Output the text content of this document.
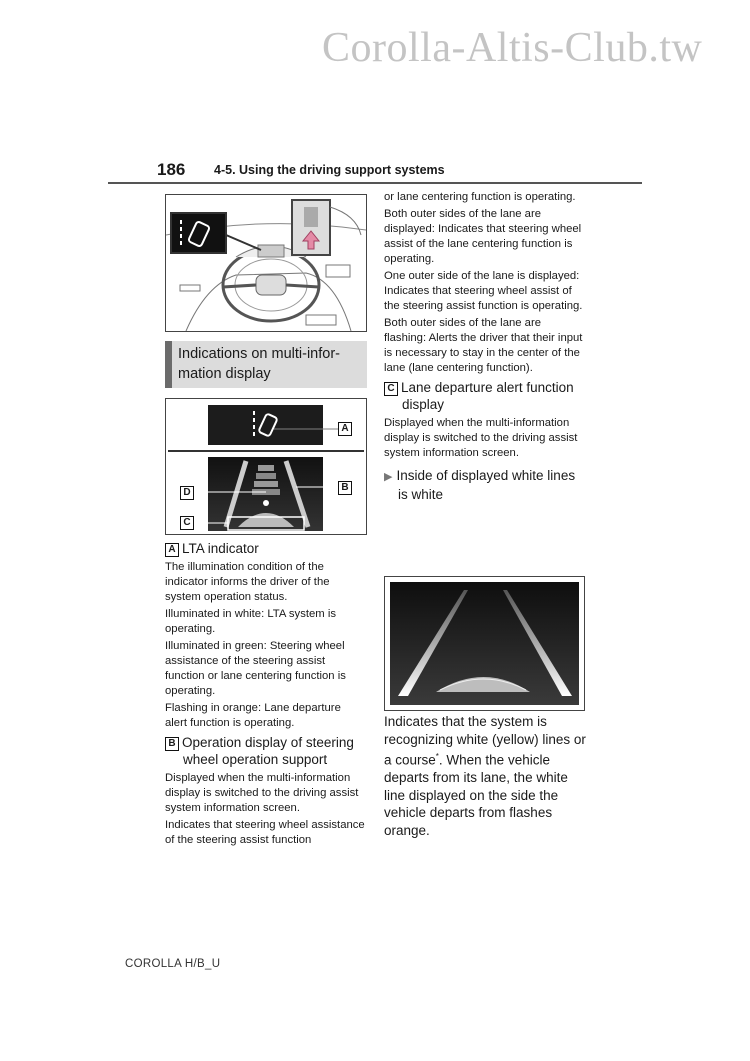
Corolla-Altis-Club.tw
186 4-5. Using the driving support systems
Indications on multi-infor-
mation display
A
B
D
C
A LTA indicator

The illumination condition of the indicator informs the driver of the system operation status.

Illuminated in white: LTA system is operating.

Illuminated in green: Steering wheel assistance of the steering assist function or lane centering function is operating.

Flashing in orange: Lane departure alert function is operating.

B Operation display of steering
wheel operation support

Displayed when the multi-information display is switched to the driving assist system information screen.

Indicates that steering wheel assistance of the steering assist function

or lane centering function is operating.

Both outer sides of the lane are displayed: Indicates that steering wheel assist of the lane centering function is operating.

One outer side of the lane is displayed: Indicates that steering wheel assist of the steering assist function is operating.

Both outer sides of the lane are flashing: Alerts the driver that their input is necessary to stay in the center of the lane (lane centering function).

C Lane departure alert function
display
Displayed when the multi-information display is switched to the driving assist system information screen.
▶ Inside of displayed white lines
is white
Indicates that the system is recognizing white (yellow) lines or a course*. When the vehicle departs from its lane, the white line displayed on the side the vehicle departs from flashes orange.
COROLLA H/B_U
